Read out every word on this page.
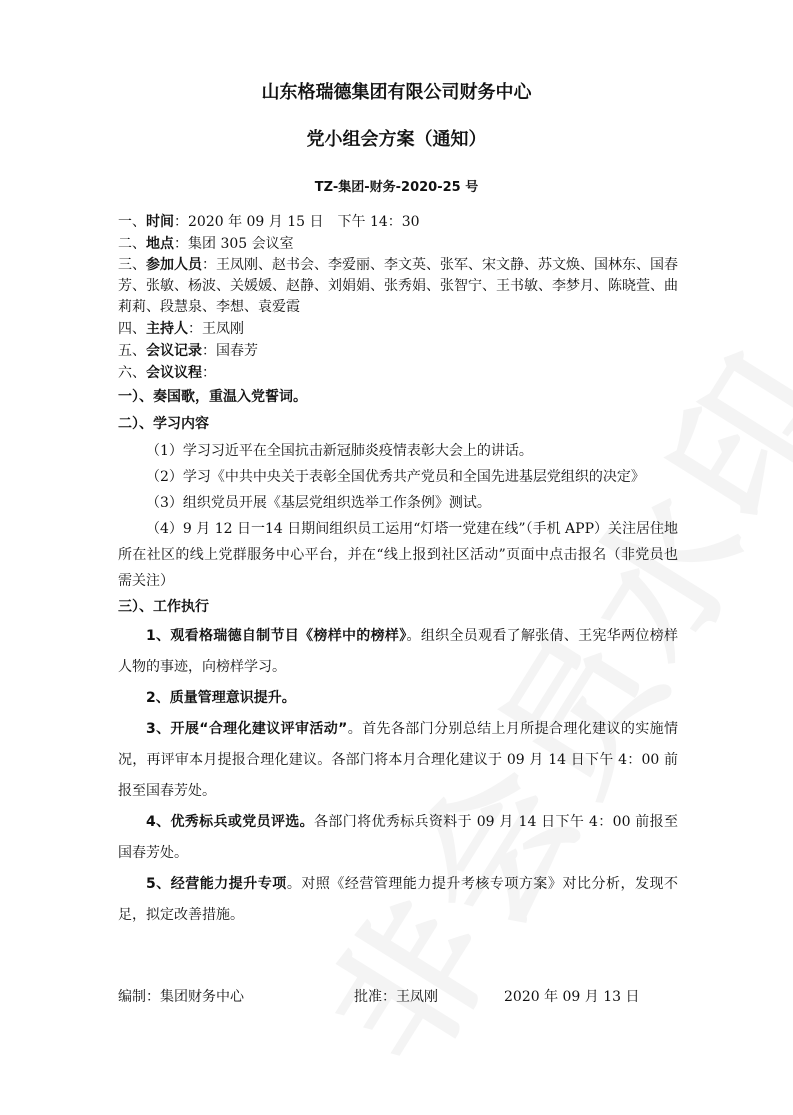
山东格瑞德集团有限公司财务中心
党小组会方案（通知）
TZ-集团-财务-2020-25 号
一、时间：2020 年 09 月 15 日　下午 14：30
二、地点：集团 305 会议室
三、参加人员：王凤刚、赵书会、李爱丽、李文英、张军、宋文静、苏文焕、国林东、国春芳、张敏、杨波、关媛媛、赵静、刘娟娟、张秀娟、张智宁、王书敏、李梦月、陈晓萱、曲莉莉、段慧泉、李想、袁爱霞
四、主持人：王凤刚
五、会议记录：国春芳
六、会议议程：
一）、奏国歌，重温入党誓词。
二）、学习内容
（1）学习习近平在全国抗击新冠肺炎疫情表彰大会上的讲话。
（2）学习《中共中央关于表彰全国优秀共产党员和全国先进基层党组织的决定》
（3）组织党员开展《基层党组织选举工作条例》测试。
（4）9 月 12 日一14 日期间组织员工运用“灯塔一党建在线”（手机 APP）关注居住地所在社区的线上党群服务中心平台，并在“线上报到社区活动”页面中点击报名（非党员也需关注）
三）、工作执行
1、观看格瑞德自制节目《榜样中的榜样》。组织全员观看了解张倩、王宪华两位榜样人物的事迹，向榜样学习。
2、质量管理意识提升。
3、开展“合理化建议评审活动”。首先各部门分别总结上月所提合理化建议的实施情况，再评审本月提报合理化建议。各部门将本月合理化建议于 09 月 14 日下午 4：00 前报至国春芳处。
4、优秀标兵或党员评选。各部门将优秀标兵资料于 09 月 14 日下午 4：00 前报至国春芳处。
5、经营能力提升专项。对照《经营管理能力提升考核专项方案》对比分析，发现不足，拟定改善措施。
编制：集团财务中心	批准：王凤刚	2020 年 09 月 13 日
